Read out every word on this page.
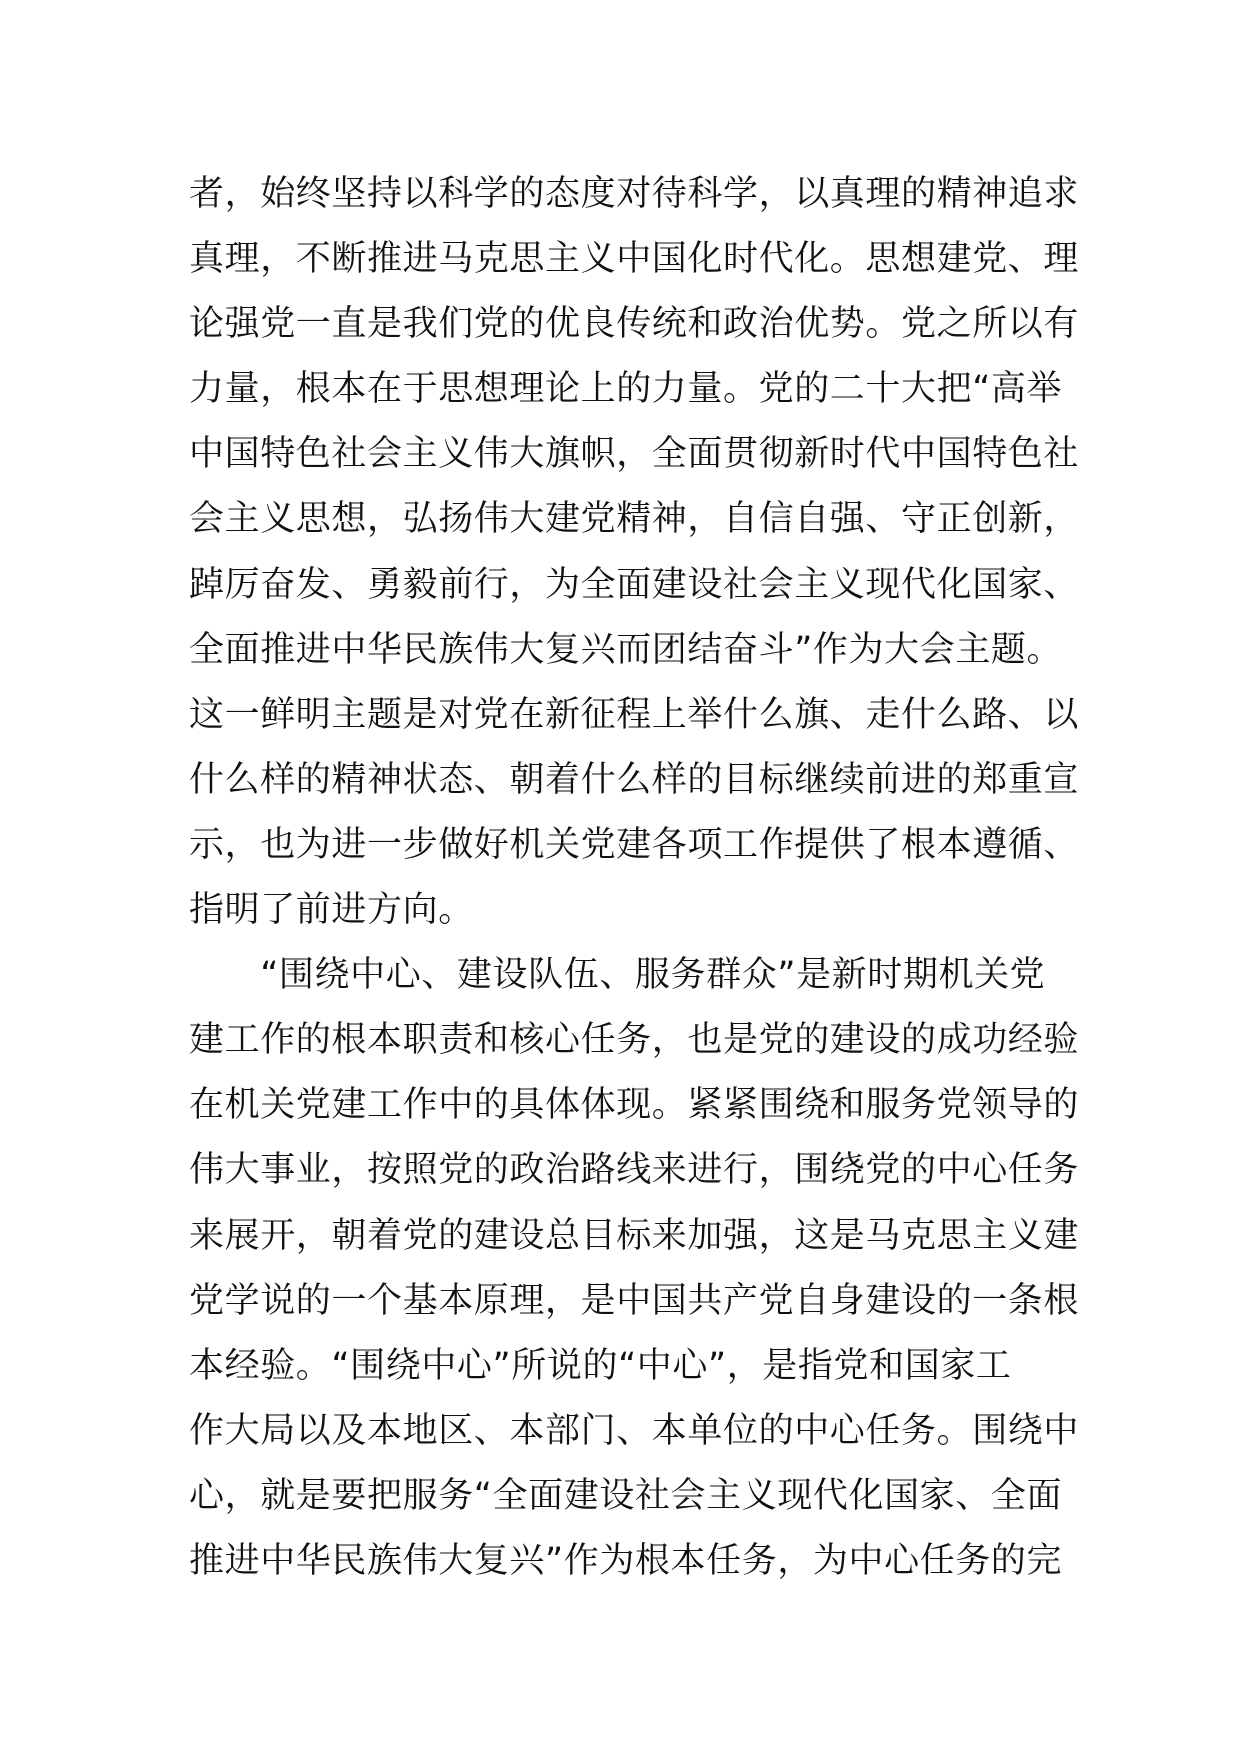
者，始终坚持以科学的态度对待科学，以真理的精神追求
真理，不断推进马克思主义中国化时代化。思想建党、理
论强党一直是我们党的优良传统和政治优势。党之所以有
力量，根本在于思想理论上的力量。党的二十大把“高举
中国特色社会主义伟大旗帜，全面贯彻新时代中国特色社
会主义思想，弘扬伟大建党精神，自信自强、守正创新，
踔厉奋发、勇毅前行，为全面建设社会主义现代化国家、
全面推进中华民族伟大复兴而团结奋斗”作为大会主题。
这一鲜明主题是对党在新征程上举什么旗、走什么路、以
什么样的精神状态、朝着什么样的目标继续前进的郑重宣
示，也为进一步做好机关党建各项工作提供了根本遵循、
指明了前进方向。
　　“围绕中心、建设队伍、服务群众”是新时期机关党
建工作的根本职责和核心任务，也是党的建设的成功经验
在机关党建工作中的具体体现。紧紧围绕和服务党领导的
伟大事业，按照党的政治路线来进行，围绕党的中心任务
来展开，朝着党的建设总目标来加强，这是马克思主义建
党学说的一个基本原理，是中国共产党自身建设的一条根
本经验。“围绕中心”所说的“中心”，是指党和国家工
作大局以及本地区、本部门、本单位的中心任务。围绕中
心，就是要把服务“全面建设社会主义现代化国家、全面
推进中华民族伟大复兴”作为根本任务，为中心任务的完
